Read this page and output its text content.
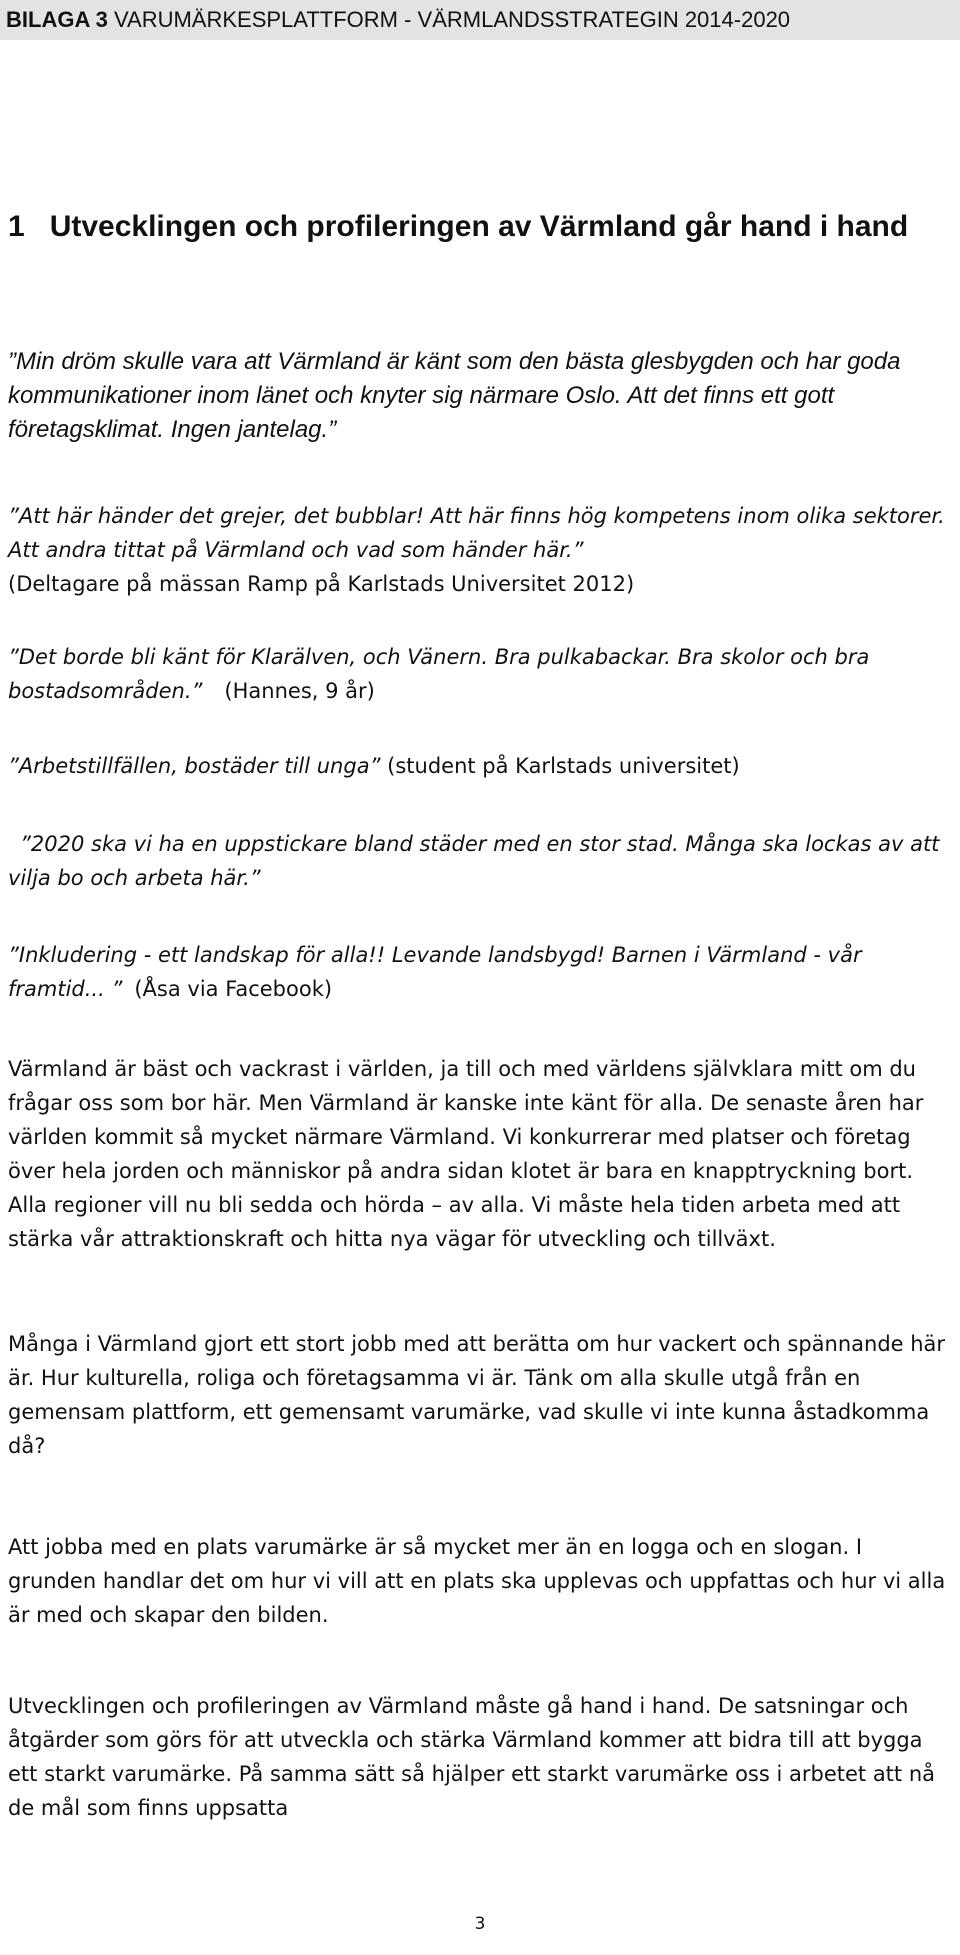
BILAGA 3 VARUMÄRKESPLATTFORM - VÄRMLANDSSTRATEGIN 2014-2020
1 Utvecklingen och profileringen av Värmland går hand i hand

”Min dröm skulle vara att Värmland är känt som den bästa glesbygden och har goda kommunikationer inom länet och knyter sig närmare Oslo. Att det finns ett gott företagsklimat. Ingen jantelag.”

”Att här händer det grejer, det bubblar! Att här finns hög kompetens inom olika sektorer. Att andra tittat på Värmland och vad som händer här.”
(Deltagare på mässan Ramp på Karlstads Universitet 2012)

”Det borde bli känt för Klarälven, och Vänern. Bra pulkabackar. Bra skolor och bra bostadsområden.” (Hannes, 9 år)

”Arbetstillfällen, bostäder till unga” (student på Karlstads universitet)

”2020 ska vi ha en uppstickare bland städer med en stor stad. Många ska lockas av att vilja bo och arbeta här.”

”Inkludering - ett landskap för alla!! Levande landsbygd! Barnen i Värmland - vår framtid... ” (Åsa via Facebook)

Värmland är bäst och vackrast i världen, ja till och med världens självklara mitt om du frågar oss som bor här. Men Värmland är kanske inte känt för alla. De senaste åren har världen kommit så mycket närmare Värmland. Vi konkurrerar med platser och företag över hela jorden och människor på andra sidan klotet är bara en knapptryckning bort. Alla regioner vill nu bli sedda och hörda – av alla. Vi måste hela tiden arbeta med att stärka vår attraktionskraft och hitta nya vägar för utveckling och tillväxt.

Många i Värmland gjort ett stort jobb med att berätta om hur vackert och spännande här är. Hur kulturella, roliga och företagsamma vi är. Tänk om alla skulle utgå från en gemensam plattform, ett gemensamt varumärke, vad skulle vi inte kunna åstadkomma då?

Att jobba med en plats varumärke är så mycket mer än en logga och en slogan. I grunden handlar det om hur vi vill att en plats ska upplevas och uppfattas och hur vi alla är med och skapar den bilden.

Utvecklingen och profileringen av Värmland måste gå hand i hand. De satsningar och åtgärder som görs för att utveckla och stärka Värmland kommer att bidra till att bygga ett starkt varumärke. På samma sätt så hjälper ett starkt varumärke oss i arbetet att nå de mål som finns uppsatta

3
